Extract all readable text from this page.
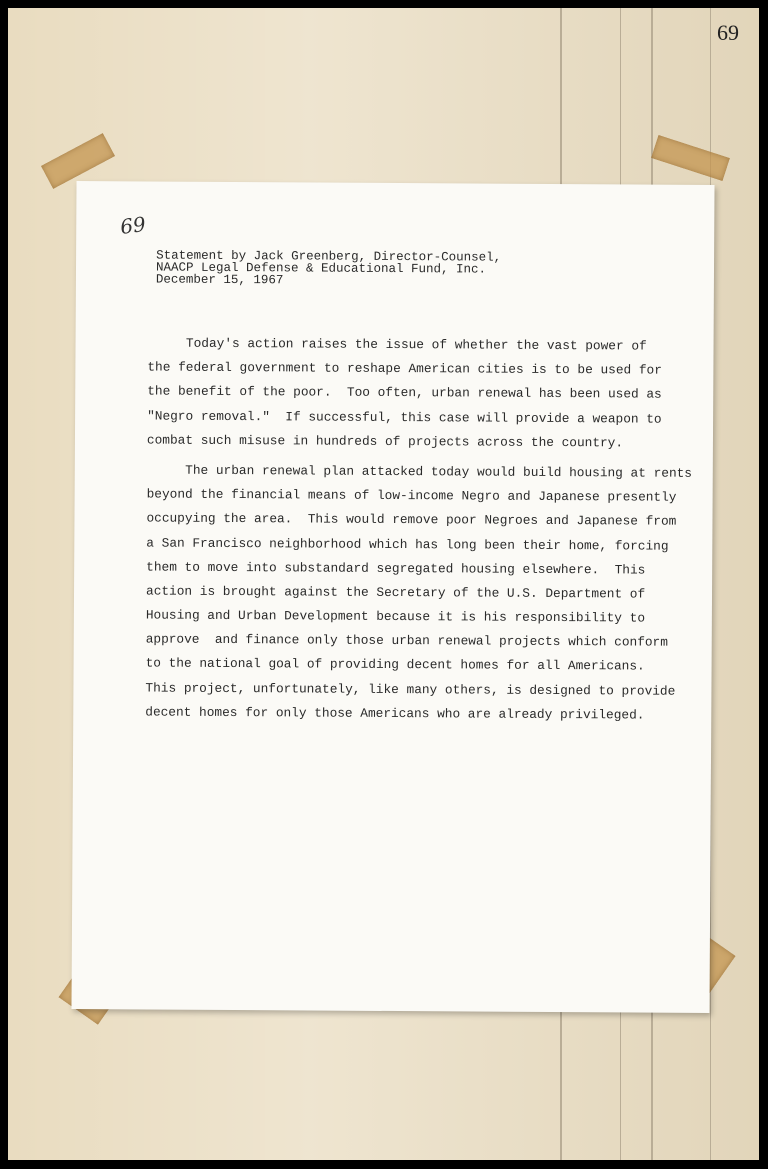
69
69
Statement by Jack Greenberg, Director-Counsel,
NAACP Legal Defense & Educational Fund, Inc.
December 15, 1967
Today's action raises the issue of whether the vast power of
the federal government to reshape American cities is to be used for
the benefit of the poor.  Too often, urban renewal has been used as
"Negro removal."  If successful, this case will provide a weapon to
combat such misuse in hundreds of projects across the country.
The urban renewal plan attacked today would build housing at rents
beyond the financial means of low-income Negro and Japanese presently
occupying the area.  This would remove poor Negroes and Japanese from
a San Francisco neighborhood which has long been their home, forcing
them to move into substandard segregated housing elsewhere.  This
action is brought against the Secretary of the U.S. Department of
Housing and Urban Development because it is his responsibility to
approve  and finance only those urban renewal projects which conform
to the national goal of providing decent homes for all Americans.
This project, unfortunately, like many others, is designed to provide
decent homes for only those Americans who are already privileged.
